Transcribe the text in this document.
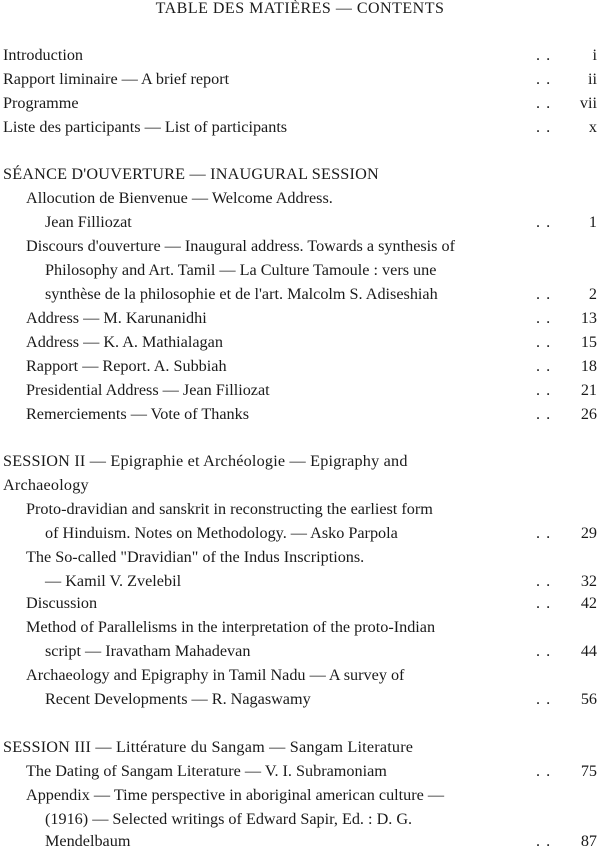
TABLE DES MATIÈRES — CONTENTS
Introduction	. .	i
Rapport liminaire — A brief report	. . ii
Programme	. . vii
Liste des participants — List of participants	. . x
SÉANCE D'OUVERTURE — INAUGURAL SESSION
Allocution de Bienvenue — Welcome Address.
Jean Filliozat	. . 1
Discours d'ouverture — Inaugural address. Towards a synthesis of
Philosophy and Art. Tamil — La Culture Tamoule : vers une
synthèse de la philosophie et de l'art. Malcolm S. Adiseshiah	. . 2
Address — M. Karunanidhi	. . 13
Address — K. A. Mathialagan	. . 15
Rapport — Report. A. Subbiah	. . 18
Presidential Address — Jean Filliozat	. . 21
Remerciements — Vote of Thanks	. . 26
SESSION II — Epigraphie et Archéologie — Epigraphy and
Archaeology
Proto-dravidian and sanskrit in reconstructing the earliest form
of Hinduism. Notes on Methodology. — Asko Parpola	. . 29
The So-called "Dravidian" of the Indus Inscriptions.
— Kamil V. Zvelebil	. . 32
Discussion	. . 42
Method of Parallelisms in the interpretation of the proto-Indian
script — Iravatham Mahadevan	. . 44
Archaeology and Epigraphy in Tamil Nadu — A survey of
Recent Developments — R. Nagaswamy	. . 56
SESSION III — Littérature du Sangam — Sangam Literature
The Dating of Sangam Literature — V. I. Subramoniam	. . 75
Appendix — Time perspective in aboriginal american culture —
(1916) — Selected writings of Edward Sapir, Ed. : D. G.
Mendelbaum	. . 87
